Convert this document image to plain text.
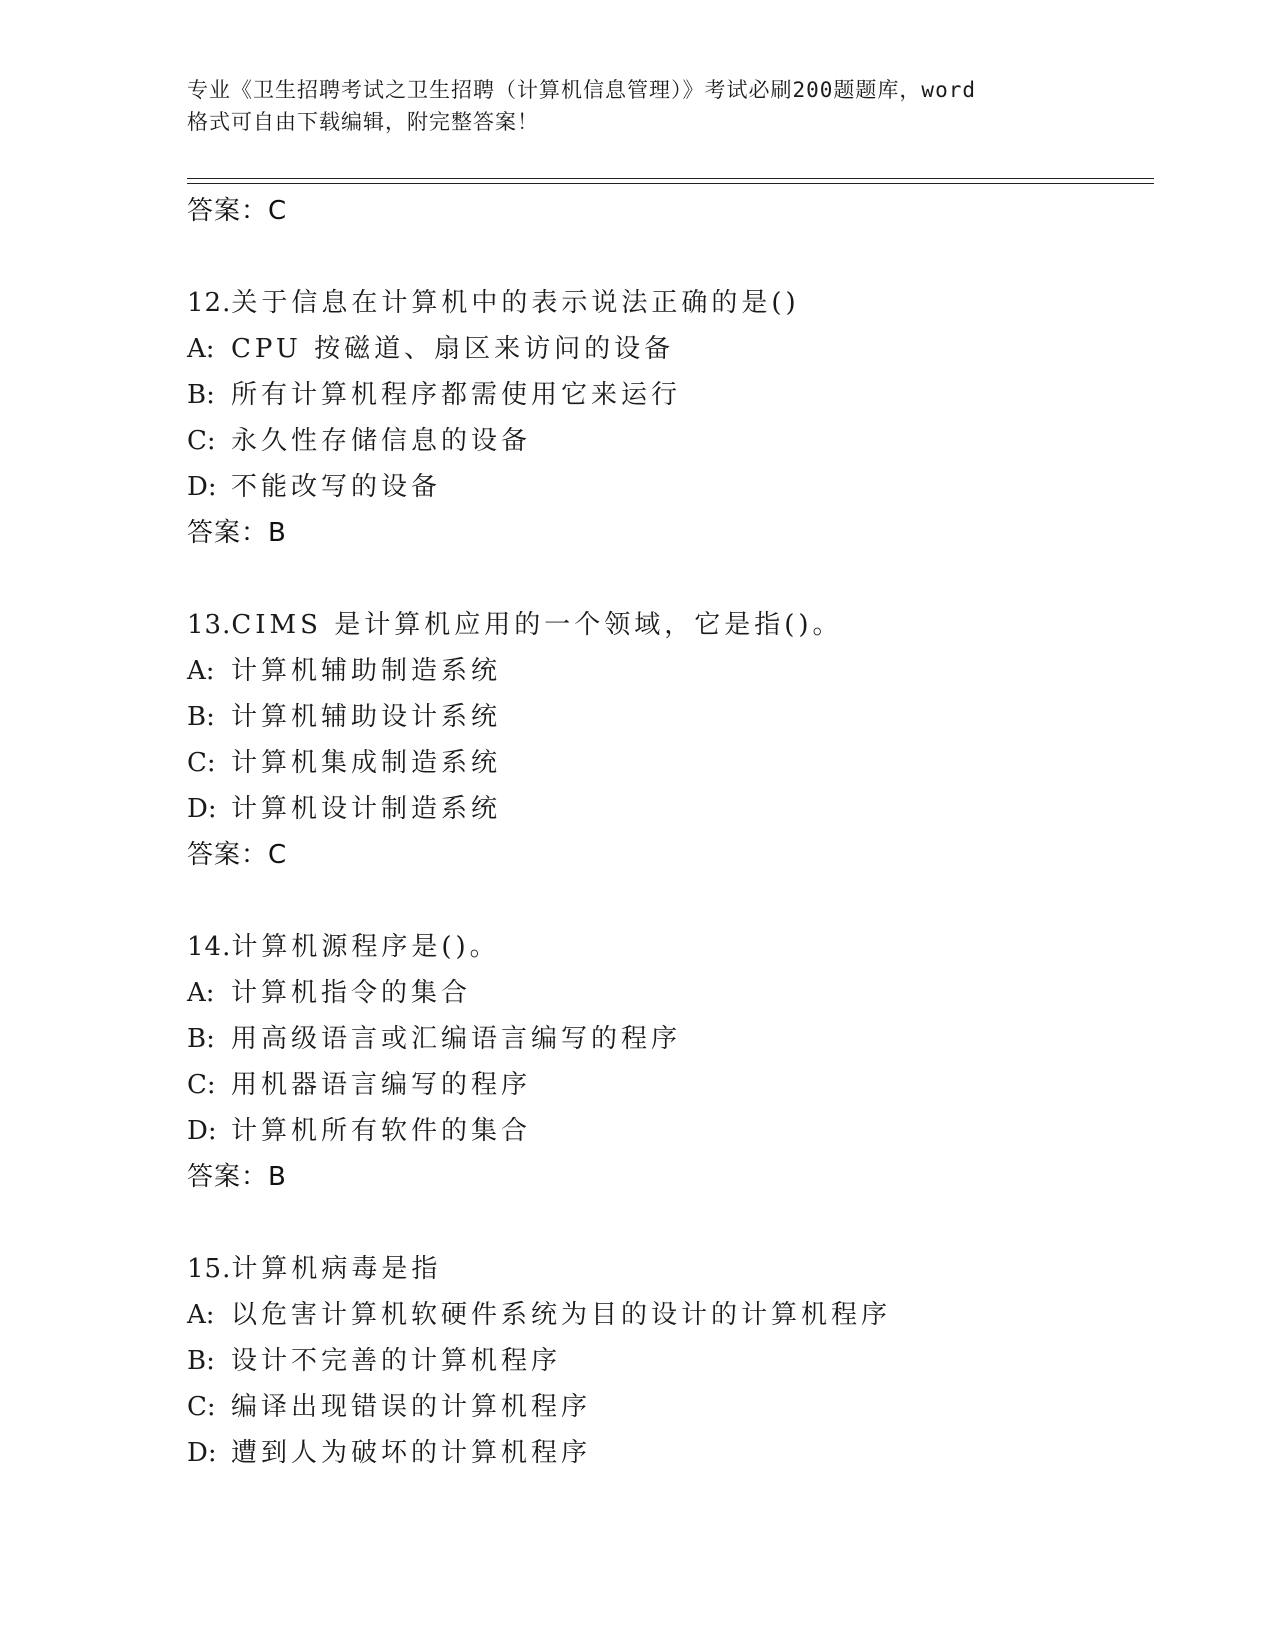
专业《卫生招聘考试之卫生招聘（计算机信息管理）》考试必刷200题题库，word
格式可自由下载编辑，附完整答案！
答案：C
12.关于信息在计算机中的表示说法正确的是()
A: CPU 按磁道、扇区来访问的设备
B: 所有计算机程序都需使用它来运行
C: 永久性存储信息的设备
D: 不能改写的设备
答案：B
13.CIMS 是计算机应用的一个领域，它是指()。
A: 计算机辅助制造系统
B: 计算机辅助设计系统
C: 计算机集成制造系统
D: 计算机设计制造系统
答案：C
14.计算机源程序是()。
A: 计算机指令的集合
B: 用高级语言或汇编语言编写的程序
C: 用机器语言编写的程序
D: 计算机所有软件的集合
答案：B
15.计算机病毒是指
A: 以危害计算机软硬件系统为目的设计的计算机程序
B: 设计不完善的计算机程序
C: 编译出现错误的计算机程序
D: 遭到人为破坏的计算机程序
